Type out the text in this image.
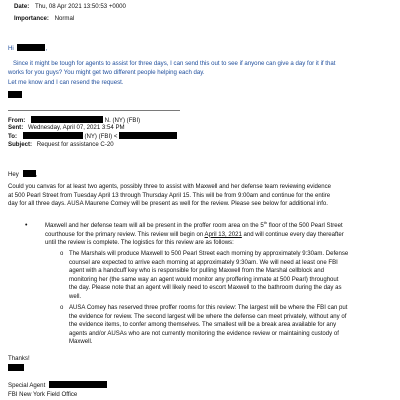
Date: Thu, 08 Apr 2021 13:50:53 +0000
Importance: Normal
Hi	,
Since it might be tough for agents to assist for three days, I can send this out to see if anyone can give a day for it if that
works for you guys? You might get two different people helping each day.
Let me know and I can resend the request.
From:	N. (NY) (FBI)
Sent: Wednesday, April 07, 2021 3:54 PM
To:	(NY) (FBI) <
Subject: Request for assistance C-20
Hey	,
Could you canvas for at least two agents, possibly three to assist with Maxwell and her defense team reviewing evidence
at 500 Pearl Street from Tuesday April 13 through Thursday April 15. This will be from 9:00am and continue for the entire
day for all three days. AUSA Maurene Comey will be present as well for the review. Please see below for additional info.
•	Maxwell and her defense team will all be present in the proffer room area on the 5th floor of the 500 Pearl Street
courthouse for the primary review. This review will begin on April 13, 2021 and will continue every day thereafter
until the review is complete. The logistics for this review are as follows:
o The Marshals will produce Maxwell to 500 Pearl Street each morning by approximately 9:30am. Defense
counsel are expected to arrive each morning at approximately 9:30am. We will need at least one FBI
agent with a handcuff key who is responsible for pulling Maxwell from the Marshal cellblock and
monitoring her (the same way an agent would monitor any proffering inmate at 500 Pearl) throughout
the day. Please note that an agent will likely need to escort Maxwell to the bathroom during the day as
well.
o AUSA Comey has reserved three proffer rooms for this review: The largest will be where the FBI can put
the evidence for review. The second largest will be where the defense can meet privately, without any of
the evidence items, to confer among themselves. The smallest will be a break area available for any
agents and/or AUSAs who are not currently monitoring the evidence review or maintaining custody of
Maxwell.
Thanks!
Special Agent
FBI New York Field Office
